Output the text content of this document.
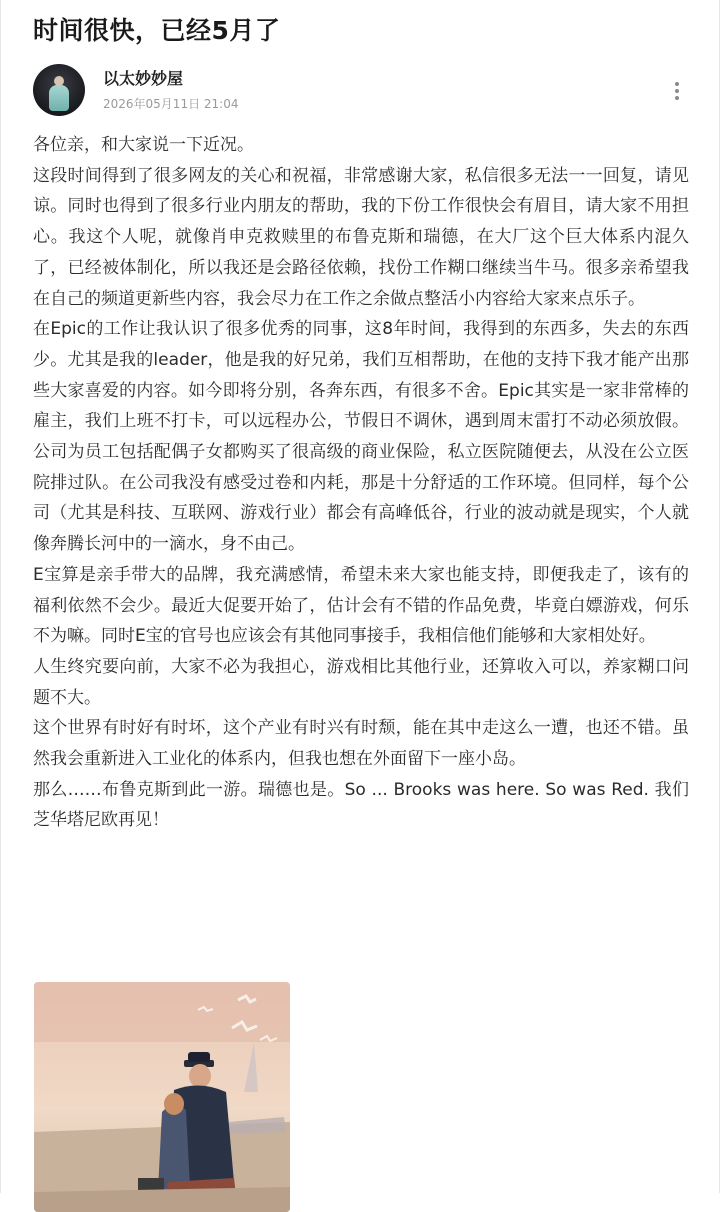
时间很快，已经5月了
以太妙妙屋
2026年05月11日 21:04

各位亲，和大家说一下近况。

这段时间得到了很多网友的关心和祝福，非常感谢大家，私信很多无法一一回复，请见谅。同时也得到了很多行业内朋友的帮助，我的下份工作很快会有眉目，请大家不用担心。我这个人呢，就像肖申克救赎里的布鲁克斯和瑞德，在大厂这个巨大体系内混久了，已经被体制化，所以我还是会路径依赖，找份工作糊口继续当牛马。很多亲希望我在自己的频道更新些内容，我会尽力在工作之余做点整活小内容给大家来点乐子。

在Epic的工作让我认识了很多优秀的同事，这8年时间，我得到的东西多，失去的东西少。尤其是我的leader，他是我的好兄弟，我们互相帮助，在他的支持下我才能产出那些大家喜爱的内容。如今即将分别，各奔东西，有很多不舍。Epic其实是一家非常棒的雇主，我们上班不打卡，可以远程办公，节假日不调休，遇到周末雷打不动必须放假。公司为员工包括配偶子女都购买了很高级的商业保险，私立医院随便去，从没在公立医院排过队。在公司我没有感受过卷和内耗，那是十分舒适的工作环境。但同样，每个公司（尤其是科技、互联网、游戏行业）都会有高峰低谷，行业的波动就是现实，个人就像奔腾长河中的一滴水，身不由己。

E宝算是亲手带大的品牌，我充满感情，希望未来大家也能支持，即便我走了，该有的福利依然不会少。最近大促要开始了，估计会有不错的作品免费，毕竟白嫖游戏，何乐不为嘛。同时E宝的官号也应该会有其他同事接手，我相信他们能够和大家相处好。

人生终究要向前，大家不必为我担心，游戏相比其他行业，还算收入可以，养家糊口问题不大。

这个世界有时好有时坏，这个产业有时兴有时颓，能在其中走这么一遭，也还不错。虽然我会重新进入工业化的体系内，但我也想在外面留下一座小岛。

那么……布鲁克斯到此一游。瑞德也是。So ... Brooks was here. So was Red. 我们芝华塔尼欧再见！
